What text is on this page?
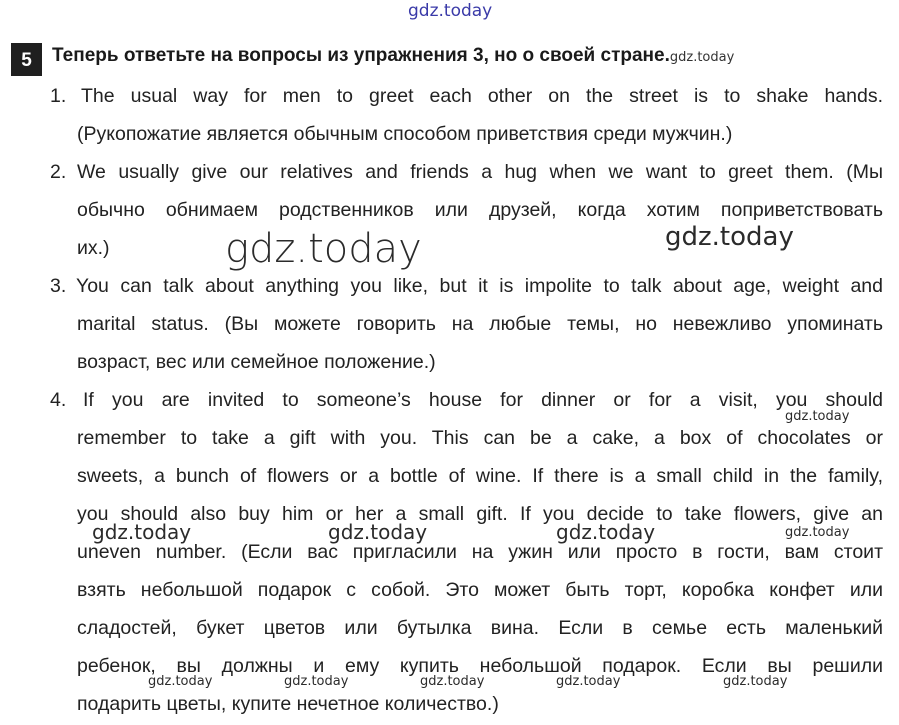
gdz.today
5	Теперь ответьте на вопросы из упражнения 3, но о своей стране.gdz.today
1. The usual way for men to greet each other on the street is to shake hands.
(Рукопожатие является обычным способом приветствия среди мужчин.)
2. We usually give our relatives and friends a hug when we want to greet them. (Мы
обычно обнимаем родственников или друзей, когда хотим поприветствовать
их.)
3. You can talk about anything you like, but it is impolite to talk about age, weight and
marital status. (Вы можете говорить на любые темы, но невежливо упоминать
возраст, вес или семейное положение.)
4. If you are invited to someone’s house for dinner or for a visit, you should
remember to take a gift with you. This can be a cake, a box of chocolates or
sweets, a bunch of flowers or a bottle of wine. If there is a small child in the family,
you should also buy him or her a small gift. If you decide to take flowers, give an
uneven number. (Если вас пригласили на ужин или просто в гости, вам стоит
взять небольшой подарок с собой. Это может быть торт, коробка конфет или
сладостей, букет цветов или бутылка вина. Если в семье есть маленький
ребенок, вы должны и ему купить небольшой подарок. Если вы решили
подарить цветы, купите нечетное количество.)
gdz.today	gdz.today
gdz.today
gdz.today	gdz.today	gdz.today	gdz.today
gdz.today	gdz.today	gdz.today	gdz.today	gdz.today
